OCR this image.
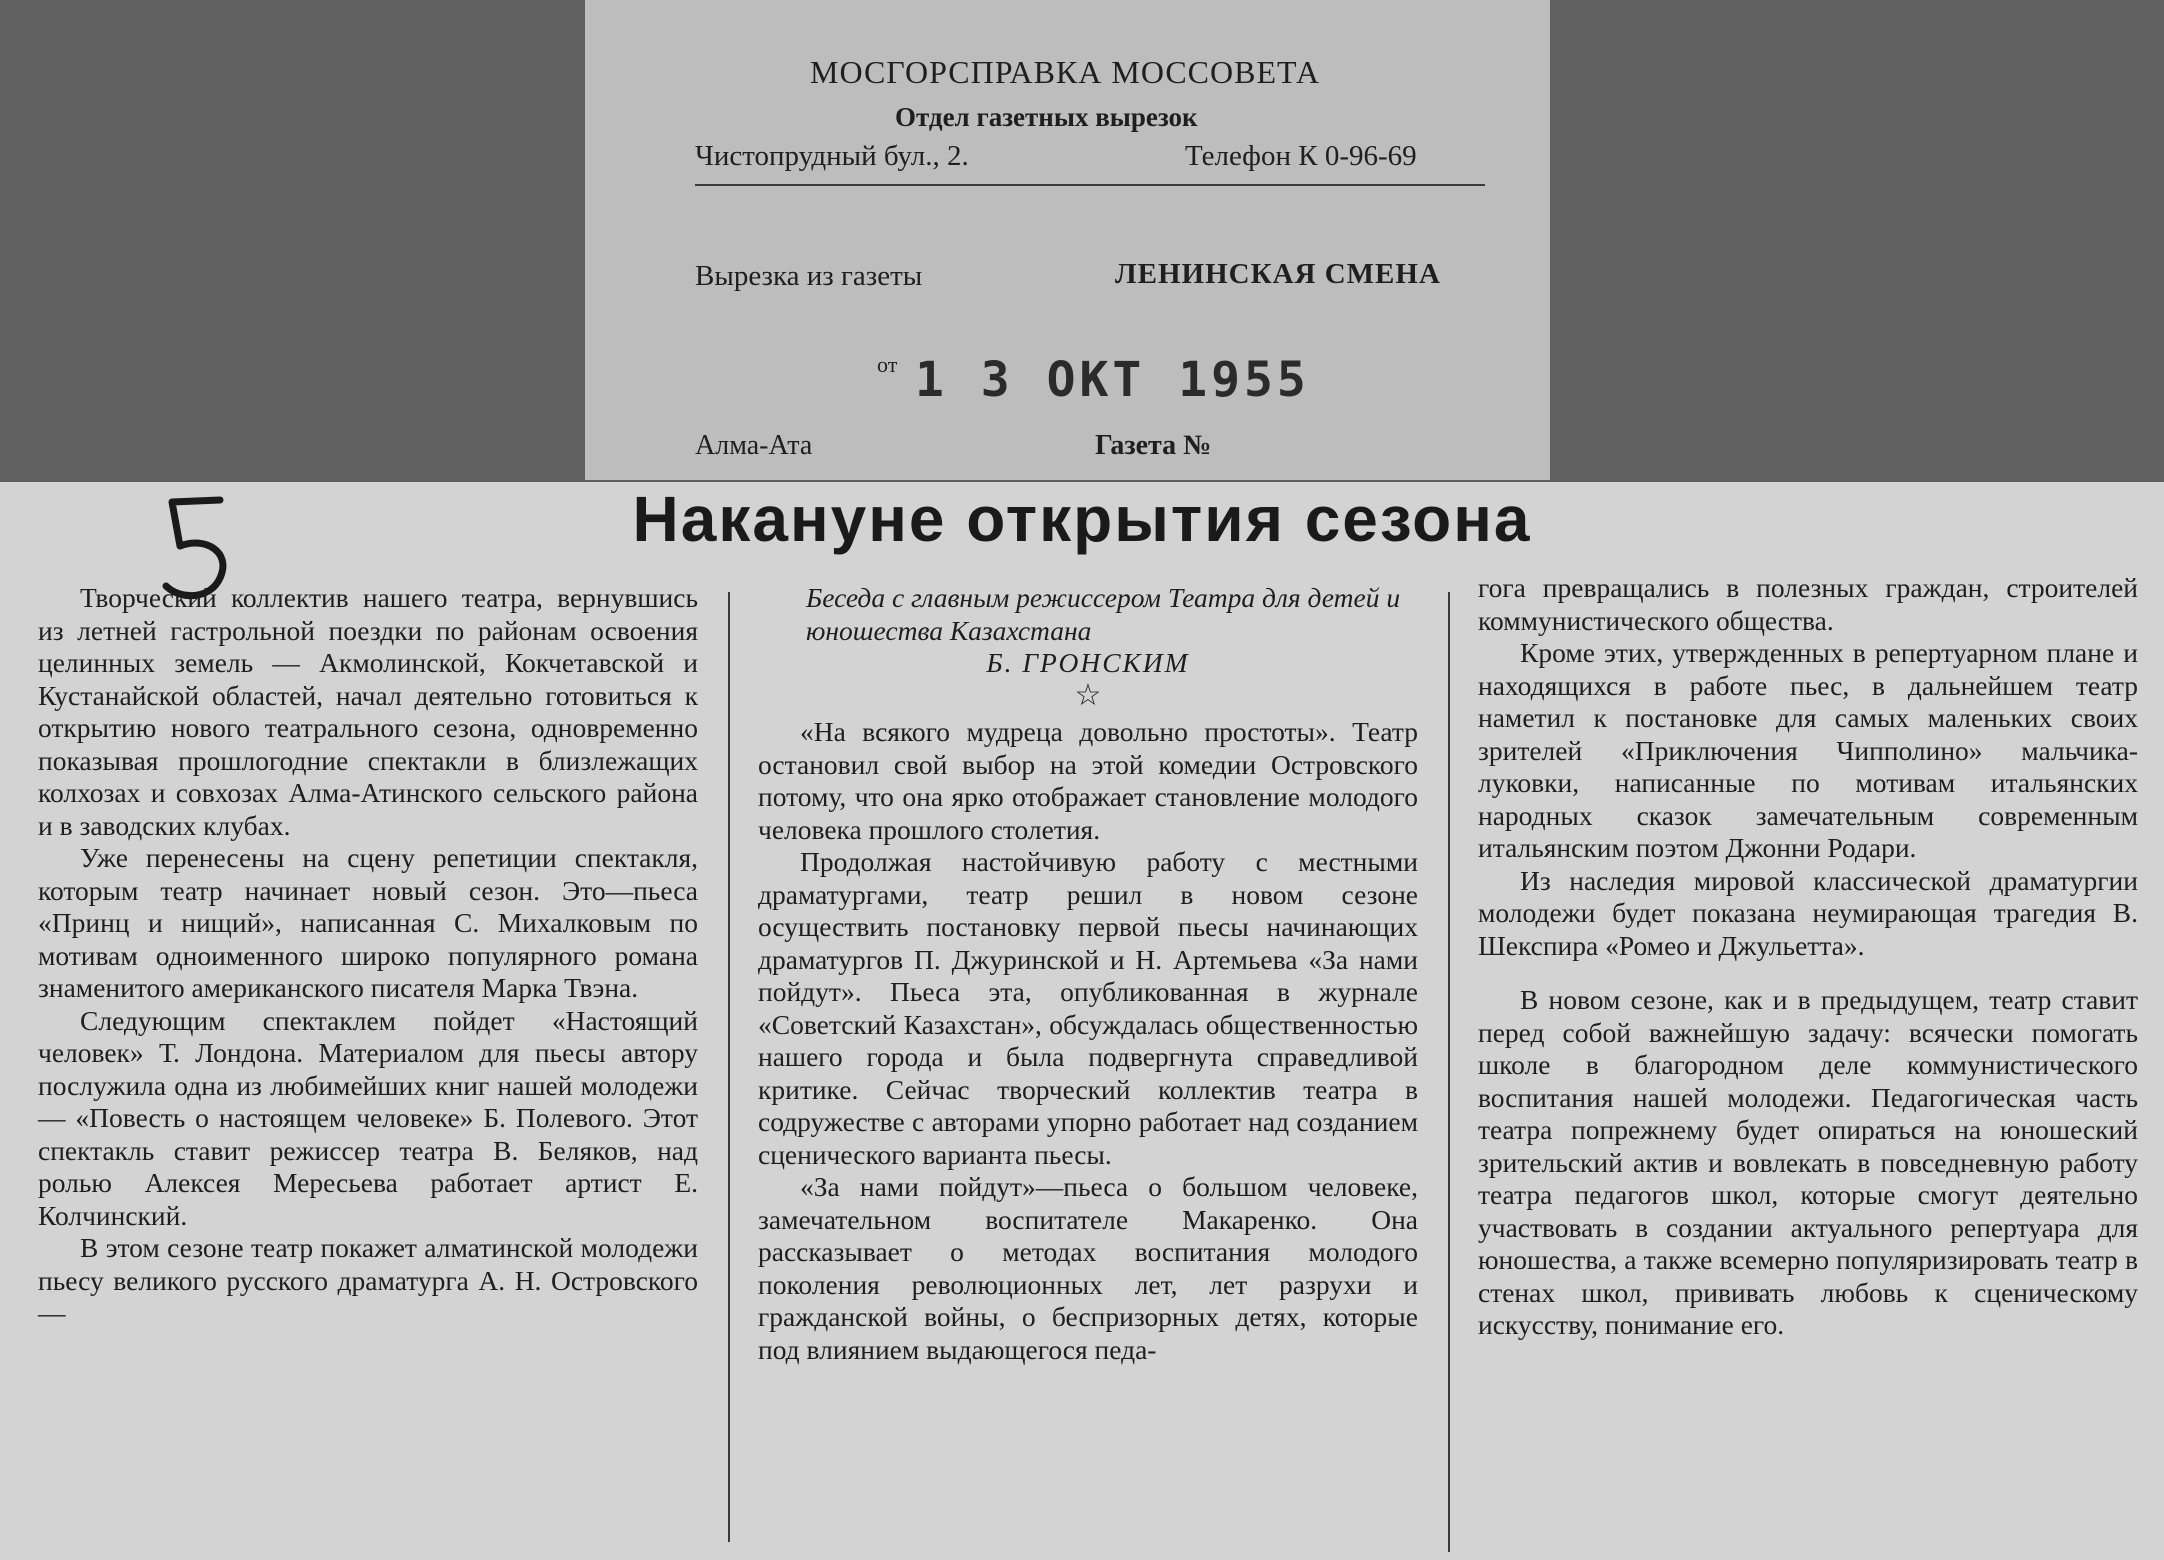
МОСГОРСПРАВКА МОССОВЕТА
Отдел газетных вырезок
Чистопрудный бул., 2.	Телефон К 0-96-69
Вырезка из газеты	ЛЕНИНСКАЯ СМЕНА
от 1 3 ОКТ 1955
Алма-Ата	Газета №
Накануне открытия сезона

Творческий коллектив нашего театра, вернувшись из летней гастрольной поездки по районам освоения целинных земель — Акмолинской, Кокчетавской и Кустанайской областей, начал деятельно готовиться к открытию нового театрального сезона, одновременно показывая прошлогодние спектакли в близлежащих колхозах и совхозах Алма-Атинского сельского района и в заводских клубах.

Уже перенесены на сцену репетиции спектакля, которым театр начинает новый сезон. Это—пьеса «Принц и нищий», написанная С. Михалковым по мотивам одноименного широко популярного романа знаменитого американского писателя Марка Твэна.

Следующим спектаклем пойдет «Настоящий человек» Т. Лондона. Материалом для пьесы автору послужила одна из любимейших книг нашей молодежи — «Повесть о настоящем человеке» Б. Полевого. Этот спектакль ставит режиссер театра В. Беляков, над ролью Алексея Мересьева работает артист Е. Колчинский.

В этом сезоне театр покажет алматинской молодежи пьесу великого русского драматурга А. Н. Островского —

Беседа с главным режиссером Театра для детей и юношества Казахстана

Б. ГРОНСКИМ

☆

«На всякого мудреца довольно простоты». Театр остановил свой выбор на этой комедии Островского потому, что она ярко отображает становление молодого человека прошлого столетия.

Продолжая настойчивую работу с местными драматургами, театр решил в новом сезоне осуществить постановку первой пьесы начинающих драматургов П. Джуринской и Н. Артемьева «За нами пойдут». Пьеса эта, опубликованная в журнале «Советский Казахстан», обсуждалась общественностью нашего города и была подвергнута справедливой критике. Сейчас творческий коллектив театра в содружестве с авторами упорно работает над созданием сценического варианта пьесы.

«За нами пойдут»—пьеса о большом человеке, замечательном воспитателе Макаренко. Она рассказывает о методах воспитания молодого поколения революционных лет, лет разрухи и гражданской войны, о беспризорных детях, которые под влиянием выдающегося педа-

гога превращались в полезных граждан, строителей коммунистического общества.

Кроме этих, утвержденных в репертуарном плане и находящихся в работе пьес, в дальнейшем театр наметил к постановке для самых маленьких своих зрителей «Приключения Чипполино» мальчика-луковки, написанные по мотивам итальянских народных сказок замечательным современным итальянским поэтом Джонни Родари.

Из наследия мировой классической драматургии молодежи будет показана неумирающая трагедия В. Шекспира «Ромео и Джульетта».

В новом сезоне, как и в предыдущем, театр ставит перед собой важнейшую задачу: всячески помогать школе в благородном деле коммунистического воспитания нашей молодежи. Педагогическая часть театра попрежнему будет опираться на юношеский зрительский актив и вовлекать в повседневную работу театра педагогов школ, которые смогут деятельно участвовать в создании актуального репертуара для юношества, а также всемерно популяризировать театр в стенах школ, прививать любовь к сценическому искусству, понимание его.
